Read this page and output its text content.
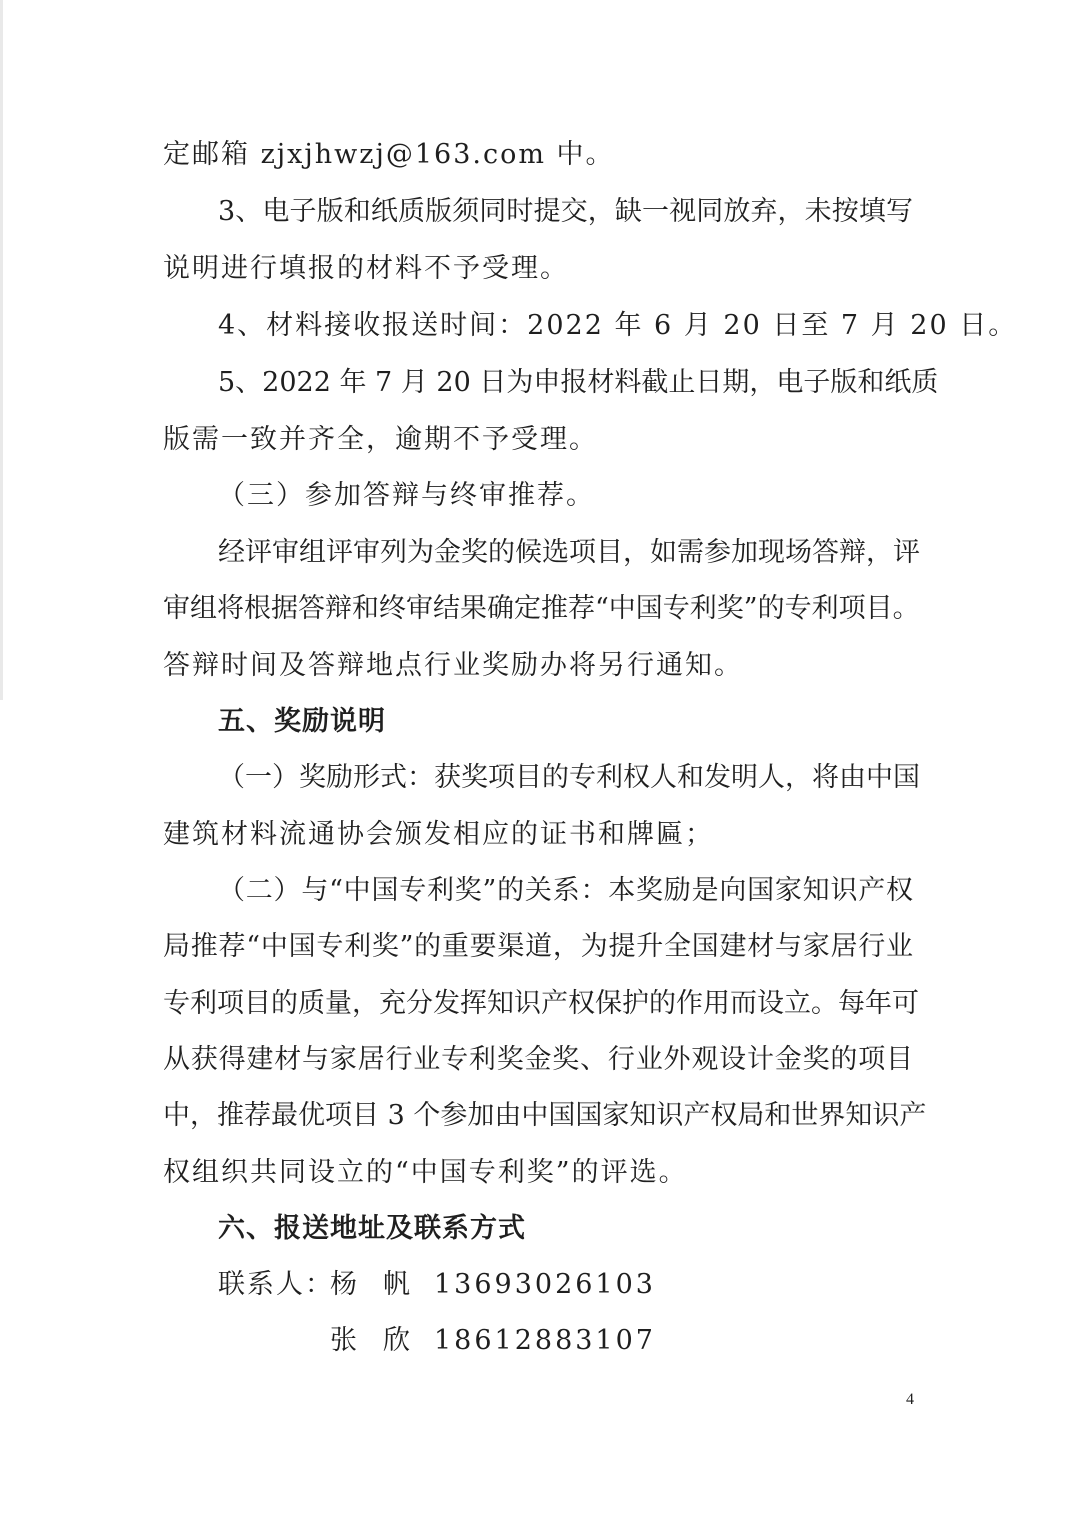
定邮箱 zjxjhwzj@163.com 中。
3、电子版和纸质版须同时提交，缺一视同放弃，未按填写
说明进行填报的材料不予受理。
4、材料接收报送时间：2022 年 6 月 20 日至 7 月 20 日。
5、2022 年 7 月 20 日为申报材料截止日期，电子版和纸质
版需一致并齐全，逾期不予受理。
（三）参加答辩与终审推荐。
经评审组评审列为金奖的候选项目，如需参加现场答辩，评
审组将根据答辩和终审结果确定推荐“中国专利奖”的专利项目。
答辩时间及答辩地点行业奖励办将另行通知。
五、奖励说明
（一）奖励形式：获奖项目的专利权人和发明人，将由中国
建筑材料流通协会颁发相应的证书和牌匾；
（二）与“中国专利奖”的关系：本奖励是向国家知识产权
局推荐“中国专利奖”的重要渠道，为提升全国建材与家居行业
专利项目的质量，充分发挥知识产权保护的作用而设立。每年可
从获得建材与家居行业专利奖金奖、行业外观设计金奖的项目
中，推荐最优项目 3 个参加由中国国家知识产权局和世界知识产
权组织共同设立的“中国专利奖”的评选。
六、报送地址及联系方式
联系人：杨帆13693026103
张欣18612883107
4
